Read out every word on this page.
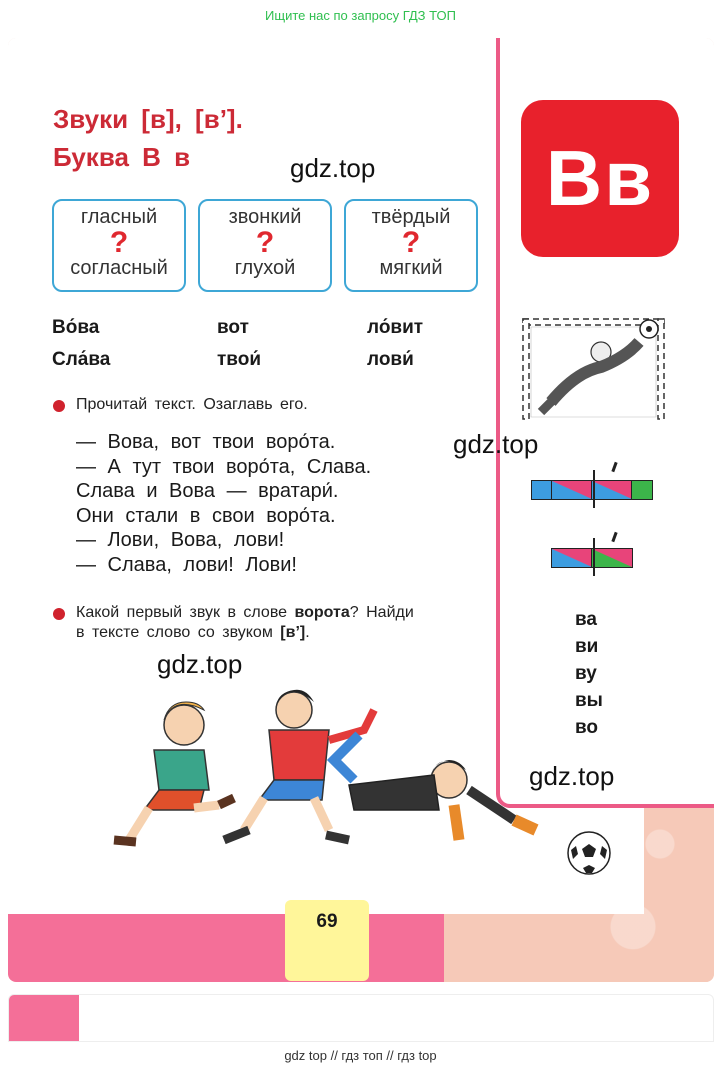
Ищите нас по запросу ГДЗ ТОП
Звуки [в], [в’].
Буква В в	gdz.top
гласный
?
согласный
звонкий
?
глухой
твёрдый
?
мягкий
Во́ва	вот	ло́вит
Сла́ва	твои́	лови́
Прочитай текст. Озаглавь его.
— Вова, вот твои воро́та.
— А тут твои воро́та, Слава.
Слава и Вова — вратари́.
Они стали в свои воро́та.
— Лови, Вова, лови!
— Слава, лови! Лови!
gdz.top
Какой первый звук в слове ворота? Найди
в тексте слово со звуком [в’].
gdz.top
Вв
ва
ви
ву
вы
во
gdz.top
69
gdz top // гдз топ // гдз top
